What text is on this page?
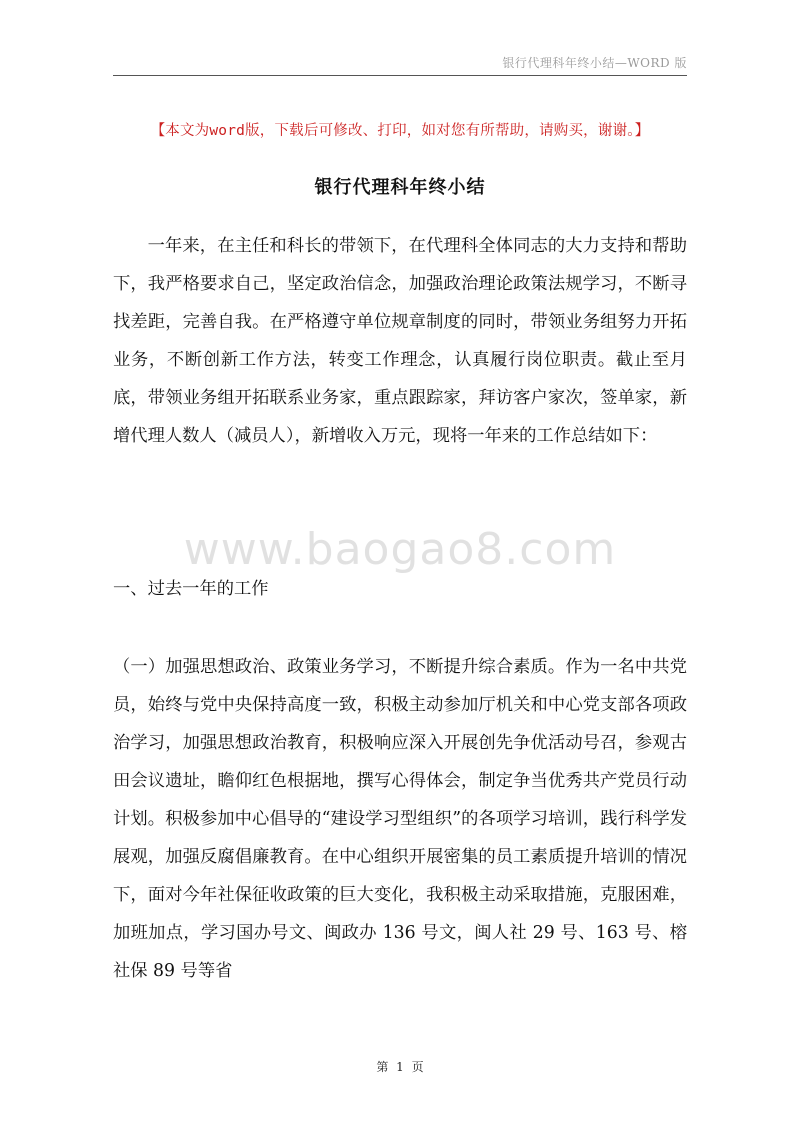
银行代理科年终小结—WORD 版
【本文为word版，下载后可修改、打印，如对您有所帮助，请购买，谢谢。】
银行代理科年终小结

一年来，在主任和科长的带领下，在代理科全体同志的大力支持和帮助下，我严格要求自己，坚定政治信念，加强政治理论政策法规学习，不断寻找差距，完善自我。在严格遵守单位规章制度的同时，带领业务组努力开拓业务，不断创新工作方法，转变工作理念，认真履行岗位职责。截止至月底，带领业务组开拓联系业务家，重点跟踪家，拜访客户家次，签单家，新增代理人数人（减员人），新增收入万元，现将一年来的工作总结如下：

www.baogao8.com
一、过去一年的工作

（一）加强思想政治、政策业务学习，不断提升综合素质。作为一名中共党员，始终与党中央保持高度一致，积极主动参加厅机关和中心党支部各项政治学习，加强思想政治教育，积极响应深入开展创先争优活动号召，参观古田会议遗址，瞻仰红色根据地，撰写心得体会，制定争当优秀共产党员行动计划。积极参加中心倡导的“建设学习型组织”的各项学习培训，践行科学发展观，加强反腐倡廉教育。在中心组织开展密集的员工素质提升培训的情况下，面对今年社保征收政策的巨大变化，我积极主动采取措施，克服困难，加班加点，学习国办号文、闽政办 136 号文，闽人社 29 号、163 号、榕社保 89 号等省

第 1 页
